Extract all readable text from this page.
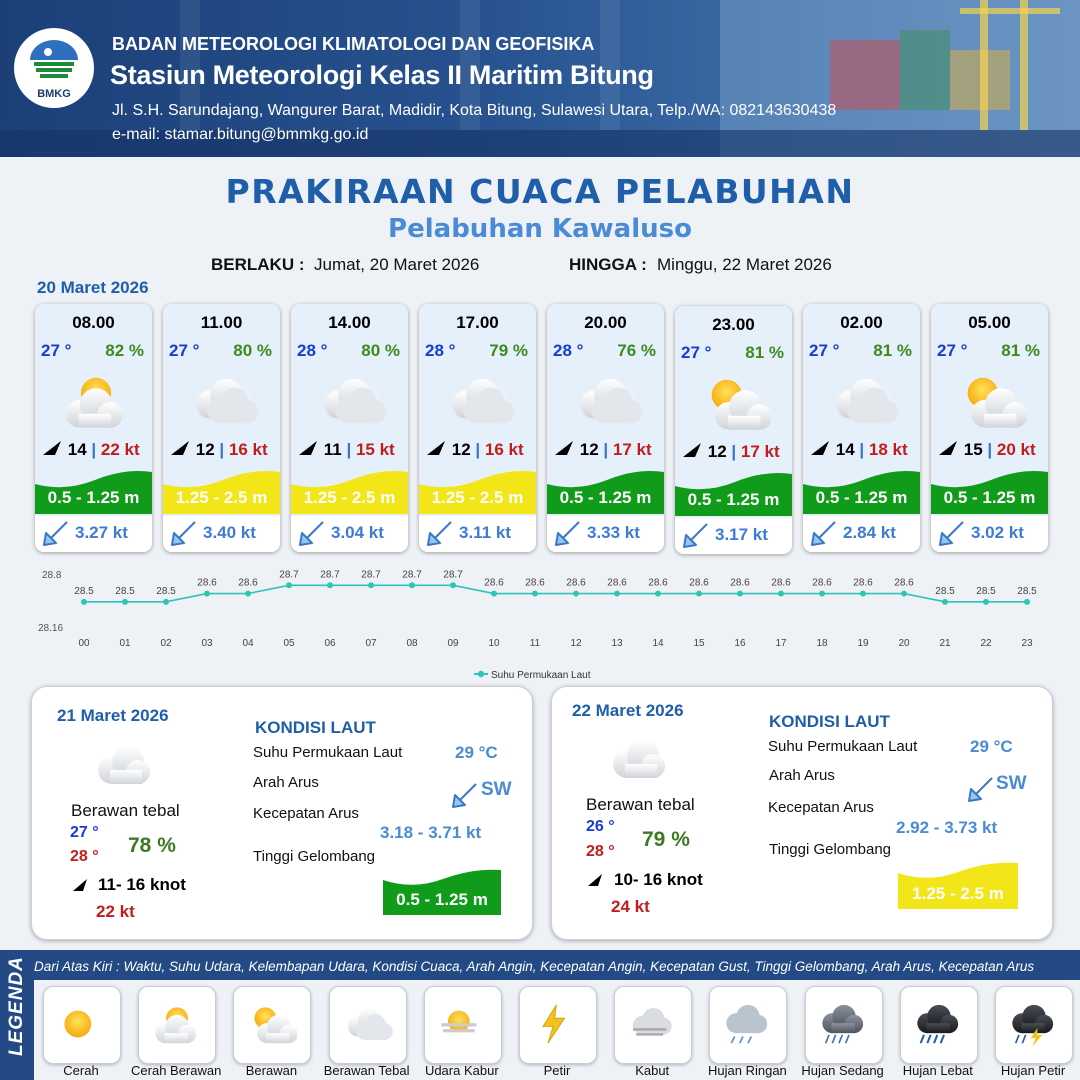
BMKG
BADAN METEOROLOGI KLIMATOLOGI DAN GEOFISIKA
Stasiun Meteorologi Kelas II Maritim Bitung
Jl. S.H. Sarundajang, Wangurer Barat, Madidir, Kota Bitung, Sulawesi Utara, Telp./WA: 082143630438
e-mail: stamar.bitung@bmmkg.go.id
PRAKIRAAN CUACA PELABUHAN
Pelabuhan Kawaluso
BERLAKU : Jumat, 20 Maret 2026	HINGGA : Minggu, 22 Maret 2026
20 Maret 2026
08.00
27 ° 82 %
14 | 22 kt
0.5 - 1.25 m
3.27 kt
11.00
27 ° 80 %
12 | 16 kt
1.25 - 2.5 m
3.40 kt
14.00
28 ° 80 %
11 | 15 kt
1.25 - 2.5 m
3.04 kt
17.00
28 ° 79 %
12 | 16 kt
1.25 - 2.5 m
3.11 kt
20.00
28 ° 76 %
12 | 17 kt
0.5 - 1.25 m
3.33 kt
23.00
27 ° 81 %
12 | 17 kt
0.5 - 1.25 m
3.17 kt
02.00
27 ° 81 %
14 | 18 kt
0.5 - 1.25 m
2.84 kt
05.00
27 ° 81 %
15 | 20 kt
0.5 - 1.25 m
3.02 kt
28.8
28.16
28.5
00
28.5
01
28.5
02
28.6
03
28.6
04
28.7
05
28.7
06
28.7
07
28.7
08
28.7
09
28.6
10
28.6
11
28.6
12
28.6
13
28.6
14
28.6
15
28.6
16
28.6
17
28.6
18
28.6
19
28.6
20
28.5
21
28.5
22
28.5
23
Suhu Permukaan Laut
21 Maret 2026
KONDISI LAUT
Suhu Permukaan Laut	29 °C
Arah Arus	SW
Kecepatan Arus
3.18 - 3.71 kt
Tinggi Gelombang
0.5 - 1.25 m
Berawan tebal
27 °
28 ° 78 %
11- 16 knot
22 kt
22 Maret 2026
KONDISI LAUT
Suhu Permukaan Laut	29 °C
Arah Arus	SW
Kecepatan Arus
2.92 - 3.73 kt
Tinggi Gelombang
1.25 - 2.5 m
Berawan tebal
26 °
28 °
79 %
10- 16 knot
24 kt
LEGENDA Dari Atas Kiri : Waktu, Suhu Udara, Kelembapan Udara, Kondisi Cuaca, Arah Angin, Kecepatan Angin, Kecepatan Gust, Tinggi Gelombang, Arah Arus, Kecepatan Arus
Cerah	Cerah Berawan	Berawan	Berawan Tebal	Udara Kabur	Petir	Kabut	Hujan Ringan	Hujan Sedang	Hujan Lebat	Hujan Petir
